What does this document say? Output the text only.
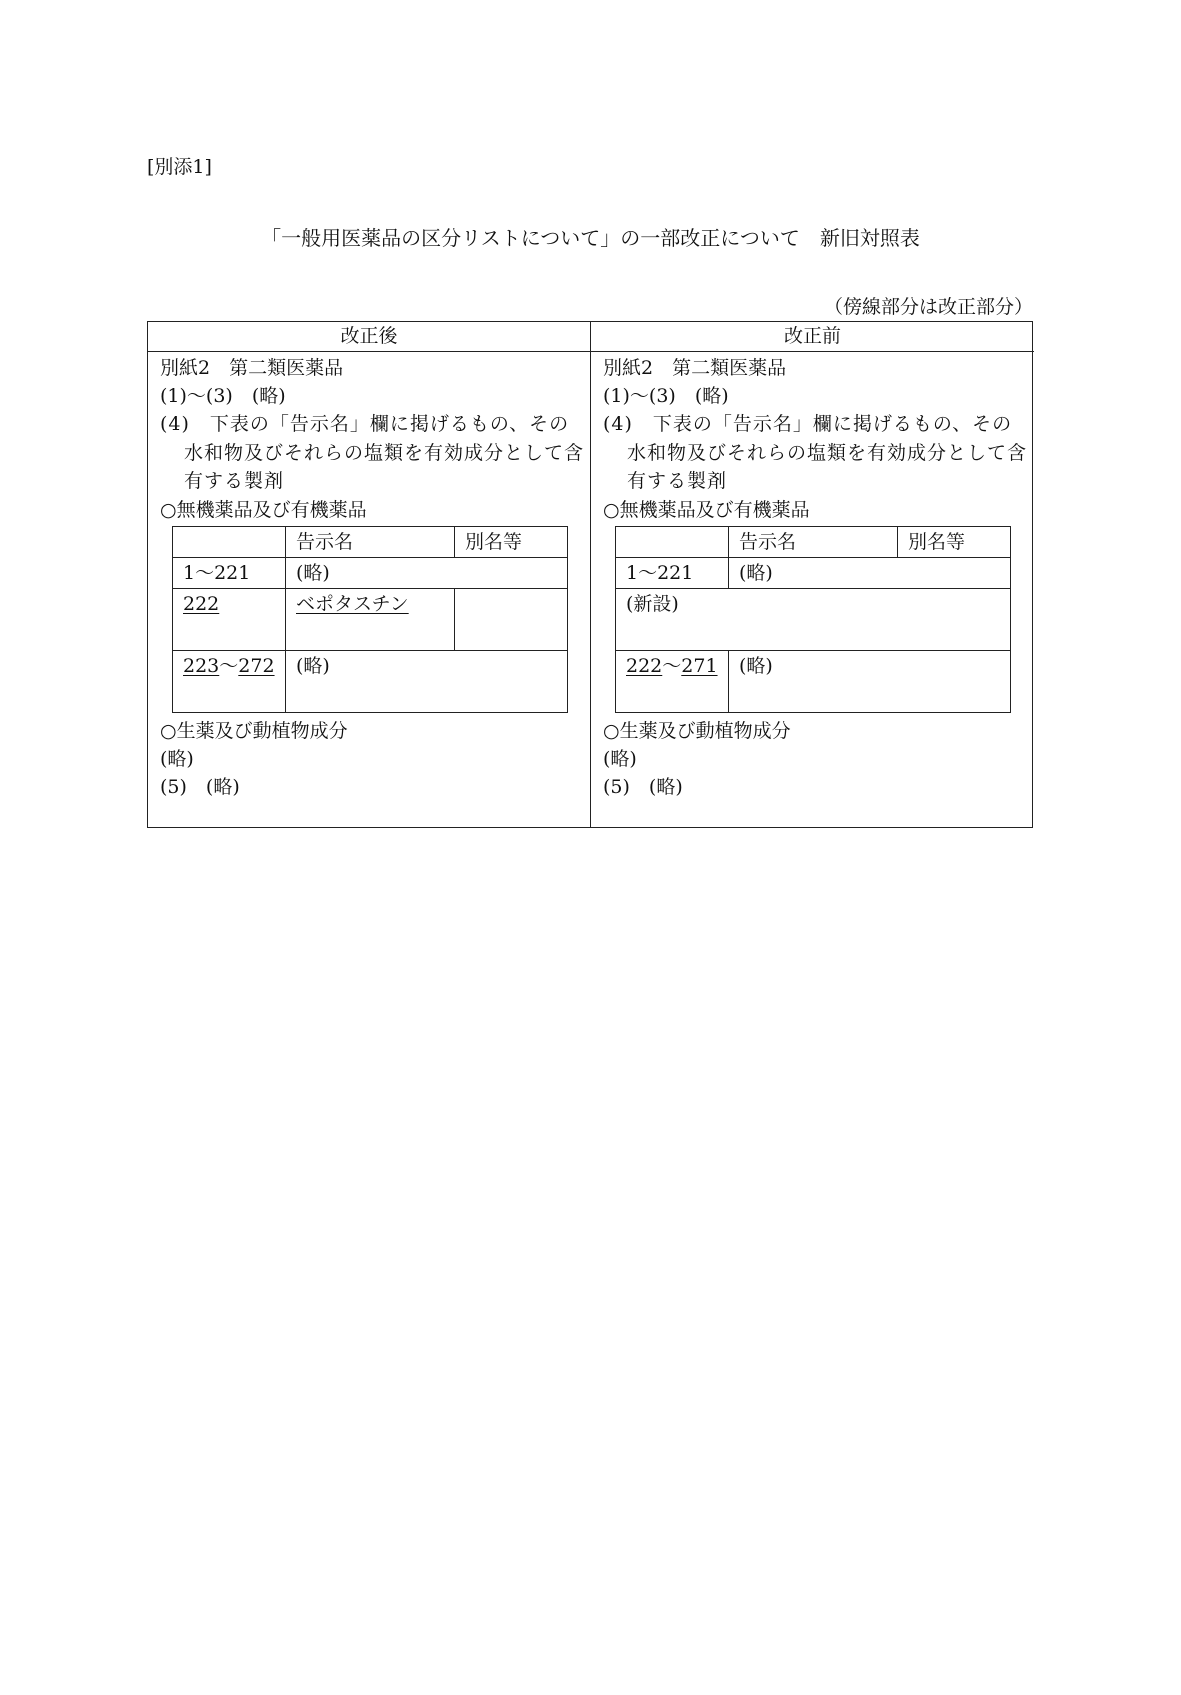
[別添1]
「一般用医薬品の区分リストについて」の一部改正について　新旧対照表
（傍線部分は改正部分）
改正後
別紙2　第二類医薬品
(1)〜(3)　(略)
(4)　下表の「告示名」欄に掲げるもの、その水和物及びそれらの塩類を有効成分として含有する製剤
○無機薬品及び有機薬品
	告示名	別名等
1〜221	(略)	
222	ベポタスチン	
223〜272	(略)	
○生薬及び動植物成分
(略)
(5)　(略)
改正前
別紙2　第二類医薬品
(1)〜(3)　(略)
(4)　下表の「告示名」欄に掲げるもの、その水和物及びそれらの塩類を有効成分として含有する製剤
○無機薬品及び有機薬品
	告示名	別名等
1〜221	(略)	
(新設)		
222〜271	(略)	
○生薬及び動植物成分
(略)
(5)　(略)
